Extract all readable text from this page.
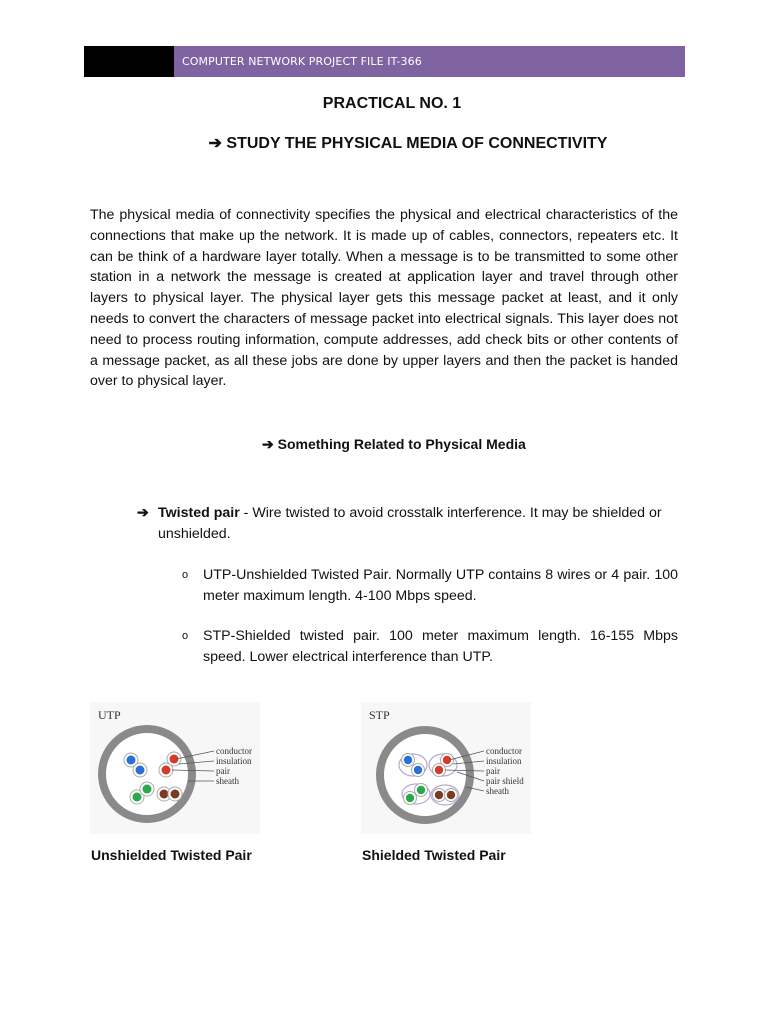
COMPUTER NETWORK PROJECT FILE IT-366
PRACTICAL NO. 1
➔ STUDY THE PHYSICAL MEDIA OF CONNECTIVITY

The physical media of connectivity specifies the physical and electrical characteristics of the connections that make up the network. It is made up of cables, connectors, repeaters etc. It can be think of a hardware layer totally. When a message is to be transmitted to some other station in a network the message is created at application layer and travel through other layers to physical layer. The physical layer gets this message packet at least, and it only needs to convert the characters of message packet into electrical signals. This layer does not need to process routing information, compute addresses, add check bits or other contents of a message packet, as all these jobs are done by upper layers and then the packet is handed over to physical layer.

➔ Something Related to Physical Media
➔ Twisted pair - Wire twisted to avoid crosstalk interference. It may be shielded or unshielded.
o	UTP-Unshielded Twisted Pair. Normally UTP contains 8 wires or 4 pair. 100 meter maximum length. 4-100 Mbps speed.
o	STP-Shielded twisted pair. 100 meter maximum length. 16-155 Mbps speed. Lower electrical interference than UTP.
UTP
conductor
insulation
pair
sheath
STP
conductor
insulation
pair
pair shield
sheath
Unshielded Twisted Pair	Shielded Twisted Pair
